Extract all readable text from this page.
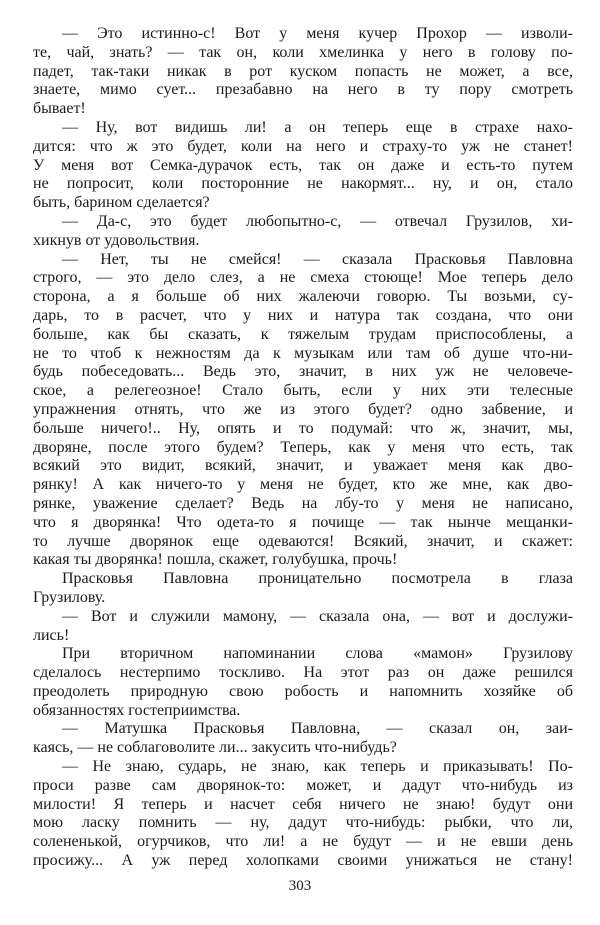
— Это истинно-с! Вот у меня кучер Прохор — изволи-
те, чай, знать? — так он, коли хмелинка у него в голову по-
падет, так-таки никак в рот куском попасть не может, а все,
знаете, мимо сует... презабавно на него в ту пору смотреть
бывает!
— Ну, вот видишь ли! а он теперь еще в страхе нахо-
дится: что ж это будет, коли на него и страху-то уж не станет!
У меня вот Семка-дурачок есть, так он даже и есть-то путем
не попросит, коли посторонние не накормят... ну, и он, стало
быть, барином сделается?
— Да-с, это будет любопытно-с, — отвечал Грузилов, хи-
хикнув от удовольствия.
— Нет, ты не смейся! — сказала Прасковья Павловна
строго, — это дело слез, а не смеха стоюще! Мое теперь дело
сторона, а я больше об них жалеючи говорю. Ты возьми, су-
дарь, то в расчет, что у них и натура так создана, что они
больше, как бы сказать, к тяжелым трудам приспособлены, а
не то чтоб к нежностям да к музыкам или там об душе что-ни-
будь побеседовать... Ведь это, значит, в них уж не человече-
ское, а релегеозное! Стало быть, если у них эти телесные
упражнения отнять, что же из этого будет? одно забвение, и
больше ничего!.. Ну, опять и то подумай: что ж, значит, мы,
дворяне, после этого будем? Теперь, как у меня что есть, так
всякий это видит, всякий, значит, и уважает меня как дво-
рянку! А как ничего-то у меня не будет, кто же мне, как дво-
рянке, уважение сделает? Ведь на лбу-то у меня не написано,
что я дворянка! Что одета-то я почище — так нынче мещанки-
то лучше дворянок еще одеваются! Всякий, значит, и скажет:
какая ты дворянка! пошла, скажет, голубушка, прочь!
Прасковья Павловна проницательно посмотрела в глаза
Грузилову.
— Вот и служили мамону, — сказала она, — вот и дослужи-
лись!
При вторичном напоминании слова «мамон» Грузилову
сделалось нестерпимо тоскливо. На этот раз он даже решился
преодолеть природную свою робость и напомнить хозяйке об
обязанностях гостеприимства.
— Матушка Прасковья Павловна, — сказал он, заи-
каясь, — не соблаговолите ли... закусить что-нибудь?
— Не знаю, сударь, не знаю, как теперь и приказывать! По-
проси разве сам дворянок-то: может, и дадут что-нибудь из
милости! Я теперь и насчет себя ничего не знаю! будут они
мою ласку помнить — ну, дадут что-нибудь: рыбки, что ли,
солененькой, огурчиков, что ли! а не будут — и не евши день
просижу... А уж перед холопками своими унижаться не стану!
303
